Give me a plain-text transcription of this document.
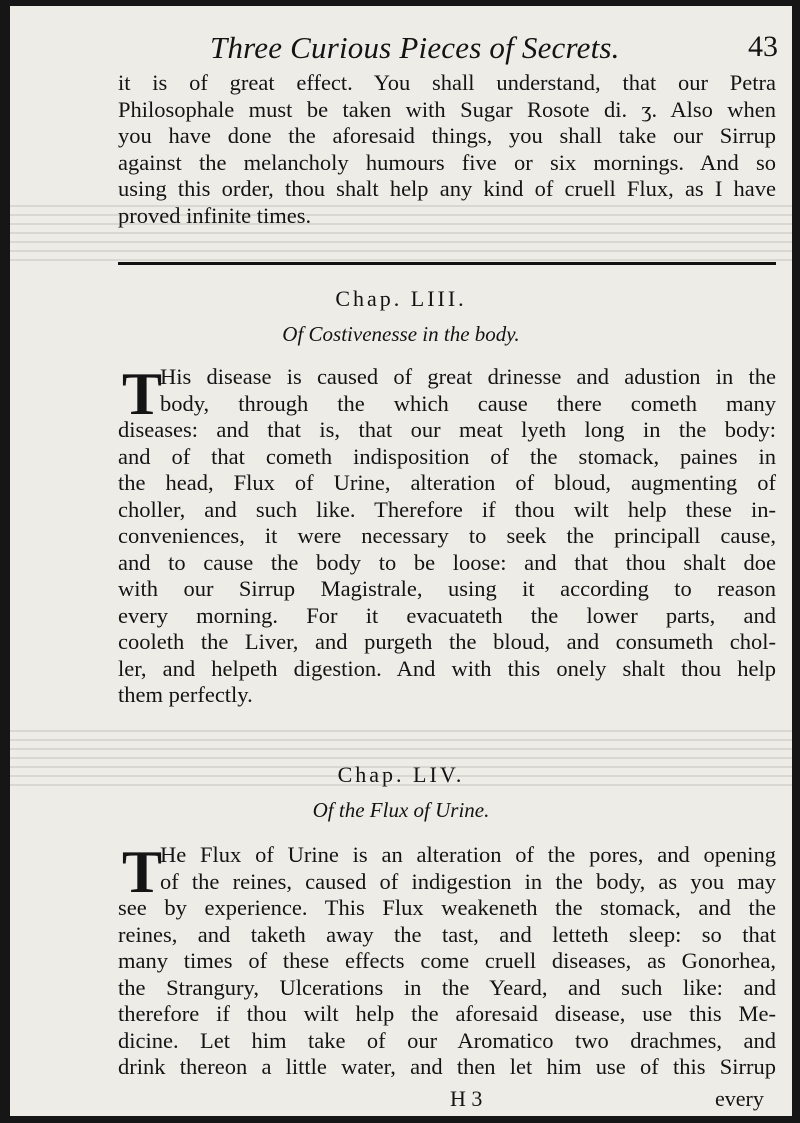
Three Curious Pieces of Secrets.	43
it is of great effect. You shall understand, that our Petra
Philosophale must be taken with Sugar Rosote di. ʒ. Also when
you have done the aforesaid things, you shall take our Sirrup
against the melancholy humours five or six mornings. And so
using this order, thou shalt help any kind of cruell Flux, as I have
proved infinite times.
Chap. LIII.
Of Costivenesse in the body.
T
His disease is caused of great drinesse and adustion in the
body, through the which cause there cometh many
diseases: and that is, that our meat lyeth long in the body:
and of that cometh indisposition of the stomack, paines in
the head, Flux of Urine, alteration of bloud, augmenting of
choller, and such like. Therefore if thou wilt help these in-
conveniences, it were necessary to seek the principall cause,
and to cause the body to be loose: and that thou shalt doe
with our Sirrup Magistrale, using it according to reason
every morning. For it evacuateth the lower parts, and
cooleth the Liver, and purgeth the bloud, and consumeth chol-
ler, and helpeth digestion. And with this onely shalt thou help
them perfectly.
Chap. LIV.
Of the Flux of Urine.
T
He Flux of Urine is an alteration of the pores, and opening
of the reines, caused of indigestion in the body, as you may
see by experience. This Flux weakeneth the stomack, and the
reines, and taketh away the tast, and letteth sleep: so that
many times of these effects come cruell diseases, as Gonorhea,
the Strangury, Ulcerations in the Yeard, and such like: and
therefore if thou wilt help the aforesaid disease, use this Me-
dicine. Let him take of our Aromatico two drachmes, and
drink thereon a little water, and then let him use of this Sirrup
H 3	every
